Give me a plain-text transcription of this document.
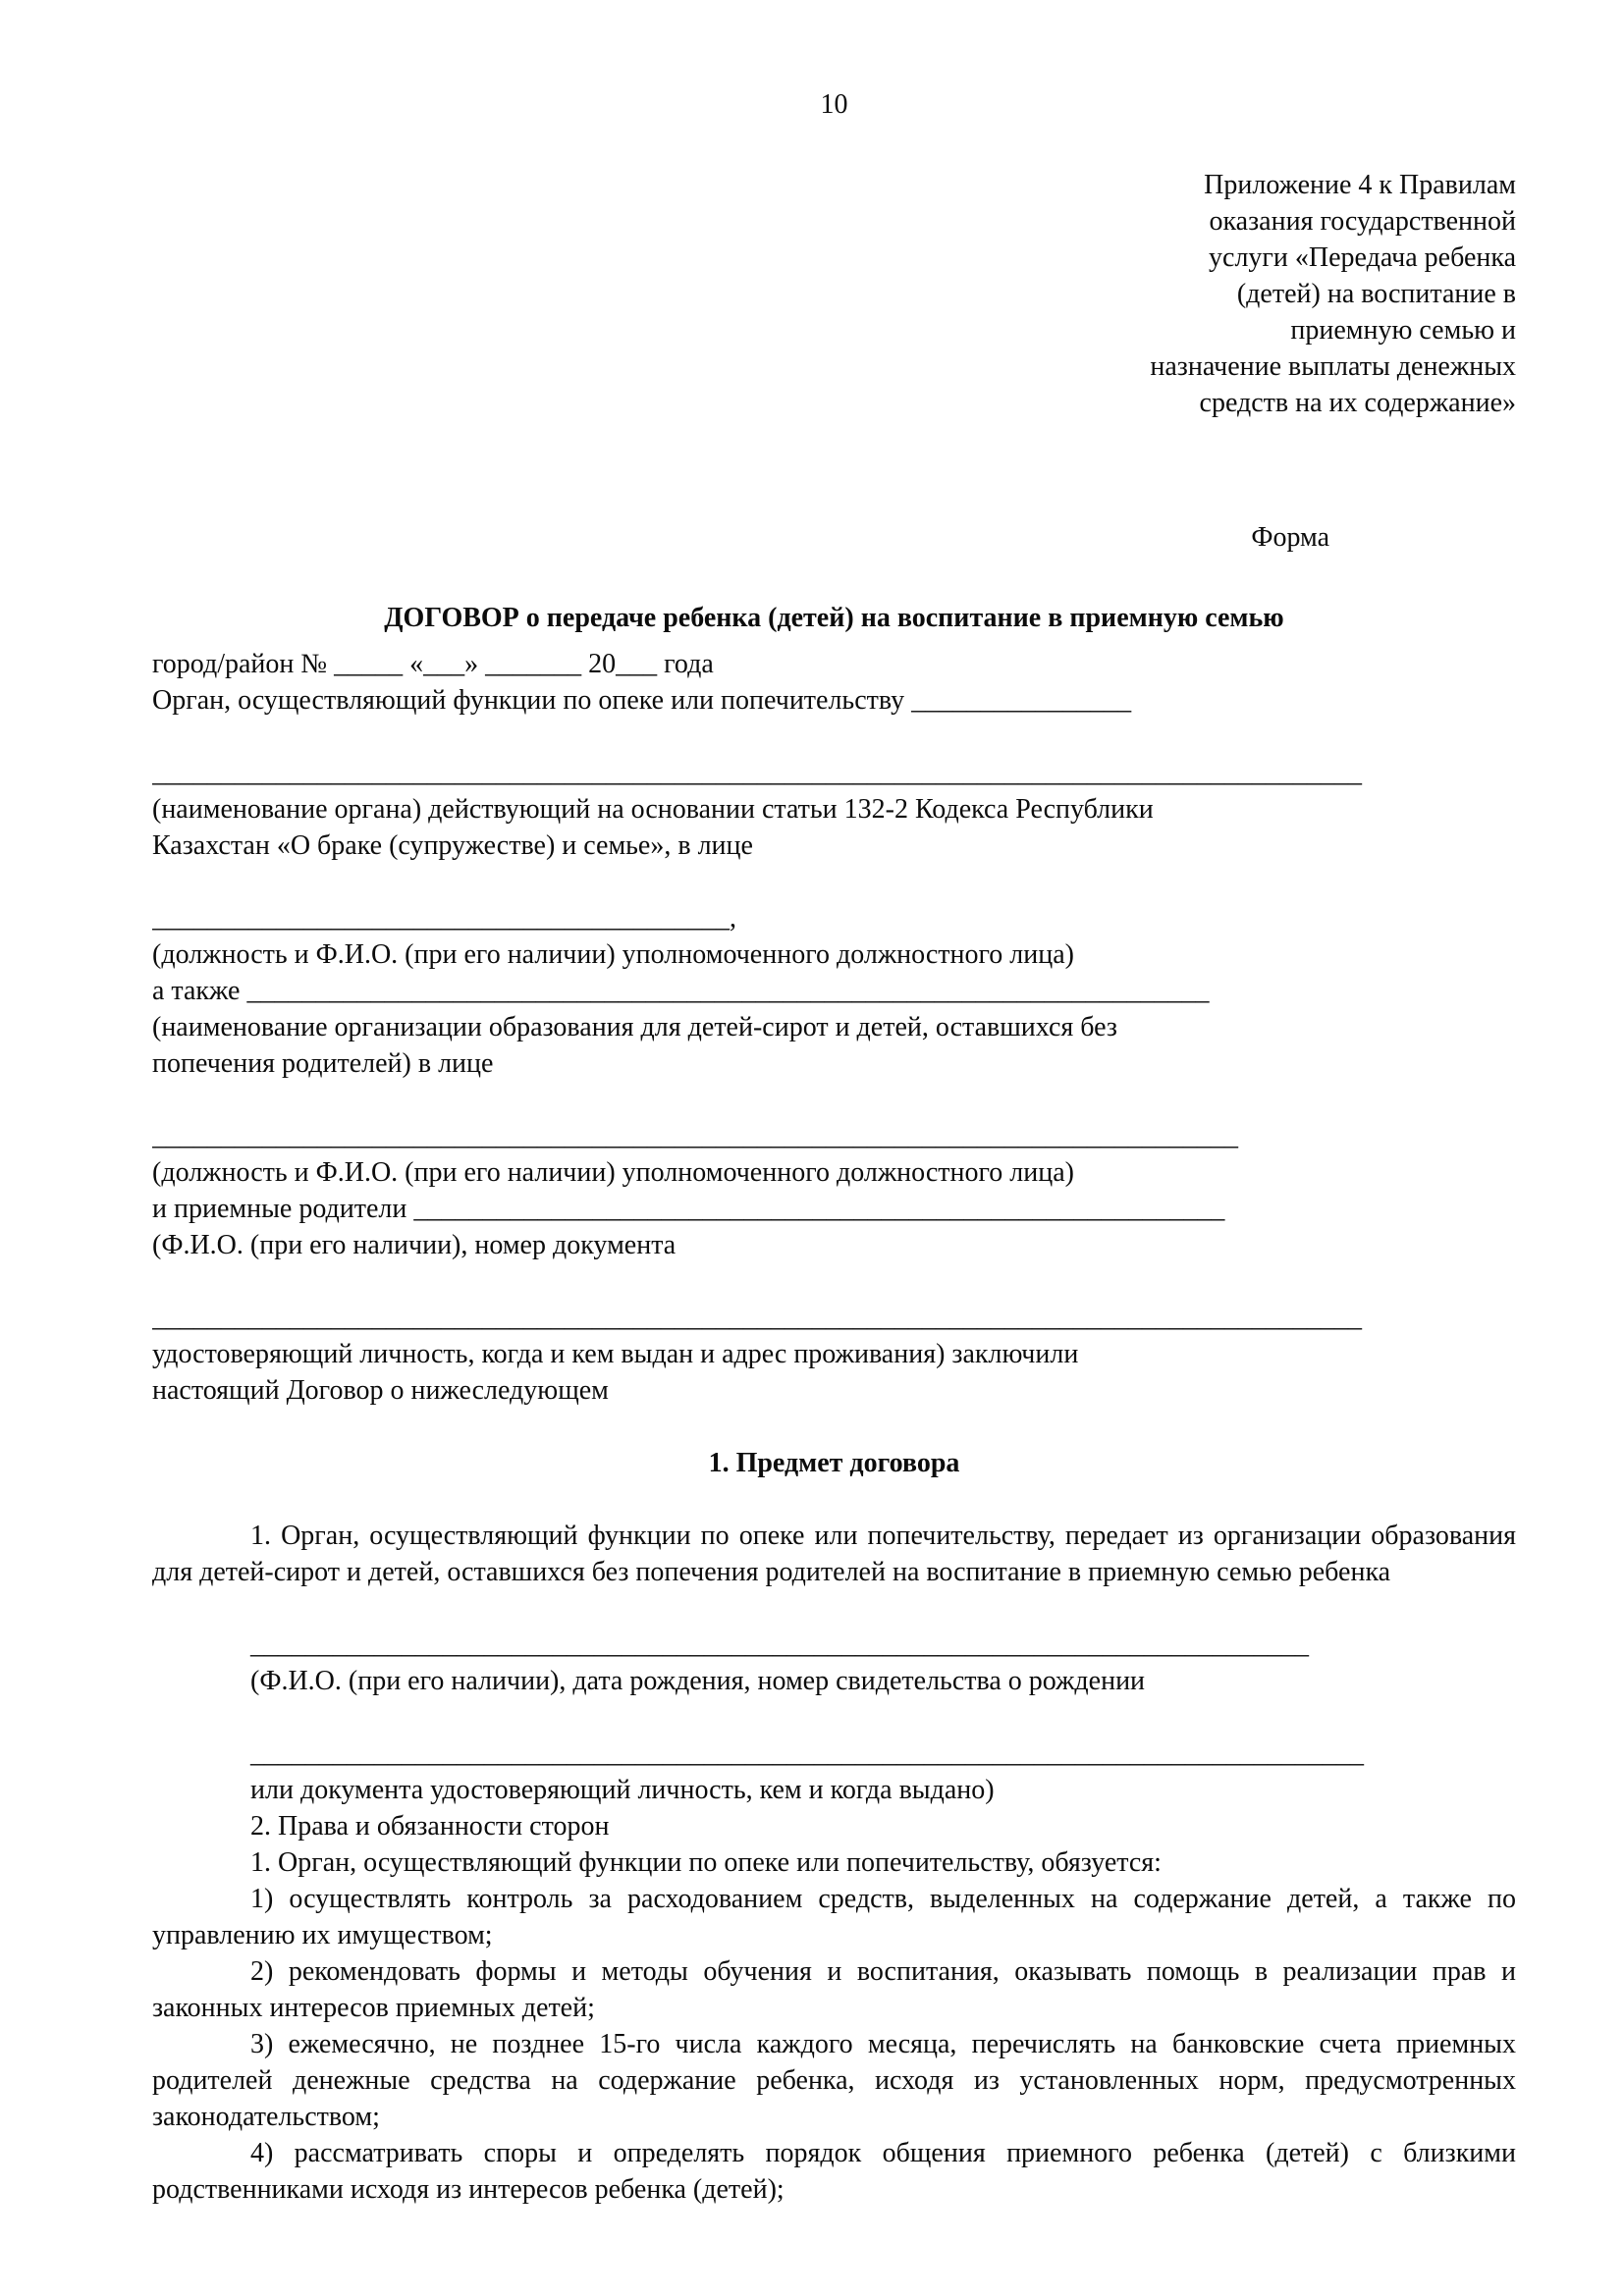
10
Приложение 4 к Правилам
оказания государственной
услуги «Передача ребенка
(детей) на воспитание в
приемную семью и
назначение выплаты денежных
средств на их содержание»
Форма
ДОГОВОР о передаче ребенка (детей) на воспитание в приемную семью
город/район № _____ «___» _______ 20___ года
Орган, осуществляющий функции по опеке или попечительству ________________

________________________________________________________________________________________
(наименование органа) действующий на основании статьи 132-2 Кодекса Республики
Казахстан «О браке (супружестве) и семье», в лице

__________________________________________,
(должность и Ф.И.О. (при его наличии) уполномоченного должностного лица)
а также ______________________________________________________________________
(наименование организации образования для детей-сирот и детей, оставшихся без
попечения родителей) в лице

_______________________________________________________________________________
(должность и Ф.И.О. (при его наличии) уполномоченного должностного лица)
и приемные родители ___________________________________________________________
(Ф.И.О. (при его наличии), номер документа

________________________________________________________________________________________
удостоверяющий личность, когда и кем выдан и адрес проживания) заключили
настоящий Договор о нижеследующем
1. Предмет договора
1. Орган, осуществляющий функции по опеке или попечительству, передает из организации образования для детей-сирот и детей, оставшихся без попечения родителей на воспитание в приемную семью ребенка

_____________________________________________________________________________
(Ф.И.О. (при его наличии), дата рождения, номер свидетельства о рождении

_________________________________________________________________________________
или документа удостоверяющий личность, кем и когда выдано)
2. Права и обязанности сторон
1. Орган, осуществляющий функции по опеке или попечительству, обязуется:
1) осуществлять контроль за расходованием средств, выделенных на содержание детей, а также по управлению их имуществом;
2) рекомендовать формы и методы обучения и воспитания, оказывать помощь в реализации прав и законных интересов приемных детей;
3) ежемесячно, не позднее 15-го числа каждого месяца, перечислять на банковские счета приемных родителей денежные средства на содержание ребенка, исходя из установленных норм, предусмотренных законодательством;
4) рассматривать споры и определять порядок общения приемного ребенка (детей) с близкими родственниками исходя из интересов ребенка (детей);
